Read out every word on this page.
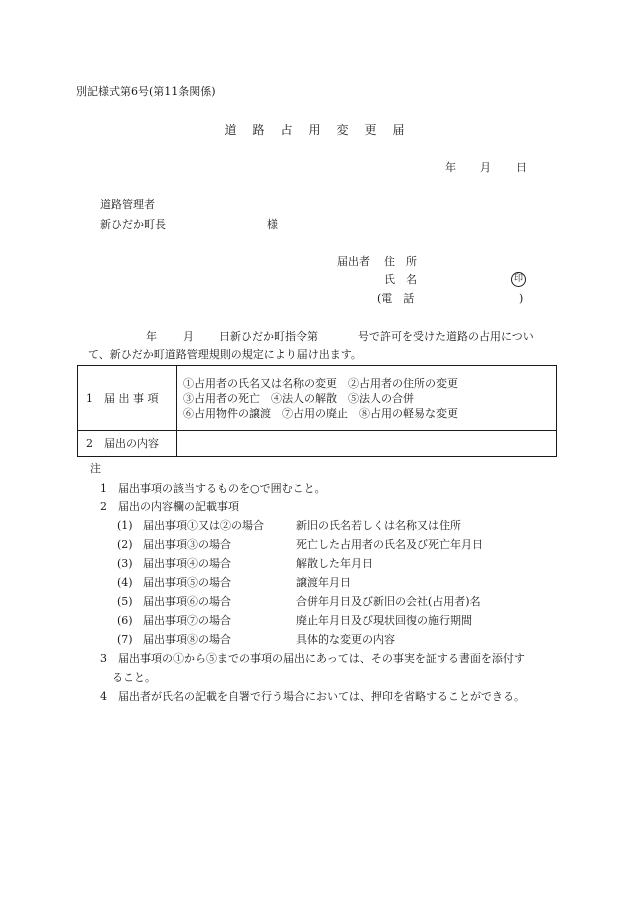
別記様式第6号(第11条関係)
道 路 占 用 変 更 届
年 月 日
道路管理者
新ひだか町長	様
届出者 住　所
氏　名	印
(電　話	)
年 月 日新ひだか町指令第	号で許可を受けた道路の占用につい
て、新ひだか町道路管理規則の規定により届け出ます。
1　届 出 事 項	①占用者の氏名又は名称の変更　②占用者の住所の変更
③占用者の死亡　④法人の解散　⑤法人の合併
⑥占用物件の譲渡　⑦占用の廃止　⑧占用の軽易な変更

2　届出の内容	
注
1　届出事項の該当するものを○で囲むこと。
2　届出の内容欄の記載事項
(1) 届出事項①又は②の場合	新旧の氏名若しくは名称又は住所
(2) 届出事項③の場合	死亡した占用者の氏名及び死亡年月日
(3) 届出事項④の場合	解散した年月日
(4) 届出事項⑤の場合	譲渡年月日
(5) 届出事項⑥の場合	合併年月日及び新旧の会社(占用者)名
(6) 届出事項⑦の場合	廃止年月日及び現状回復の施行期間
(7) 届出事項⑧の場合	具体的な変更の内容
3　届出事項の①から⑤までの事項の届出にあっては、その事実を証する書面を添付す
ること。
4　届出者が氏名の記載を自署で行う場合においては、押印を省略することができる。
